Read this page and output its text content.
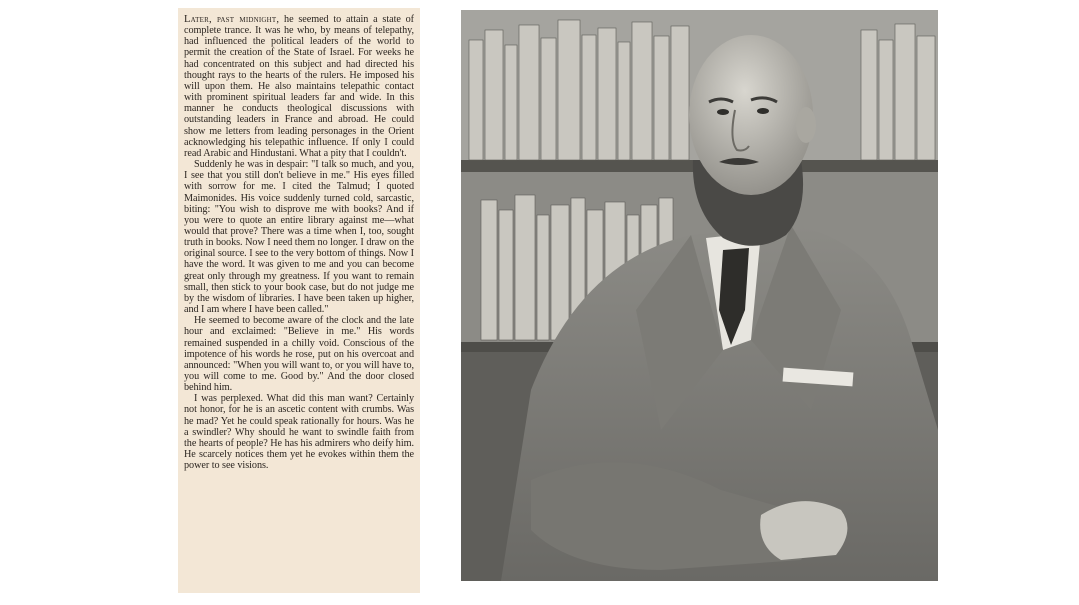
Later, past midnight, he seemed to attain a state of complete trance. It was he who, by means of telepathy, had influenced the political leaders of the world to permit the creation of the State of Israel. For weeks he had concentrated on this subject and had directed his thought rays to the hearts of the rulers. He imposed his will upon them. He also maintains telepathic contact with prominent spiritual leaders far and wide. In this manner he conducts theological discussions with outstanding leaders in France and abroad. He could show me letters from leading personages in the Orient acknowledging his telepathic influence. If only I could read Arabic and Hindustani. What a pity that I couldn't.

Suddenly he was in despair: "I talk so much, and you, I see that you still don't believe in me." His eyes filled with sorrow for me. I cited the Talmud; I quoted Maimonides. His voice suddenly turned cold, sarcastic, biting: "You wish to disprove me with books? And if you were to quote an entire library against me—what would that prove? There was a time when I, too, sought truth in books. Now I need them no longer. I draw on the original source. I see to the very bottom of things. Now I have the word. It was given to me and you can become great only through my greatness. If you want to remain small, then stick to your book case, but do not judge me by the wisdom of libraries. I have been taken up higher, and I am where I have been called."

He seemed to become aware of the clock and the late hour and exclaimed: "Believe in me." His words remained suspended in a chilly void. Conscious of the impotence of his words he rose, put on his overcoat and announced: "When you will want to, or you will have to, you will come to me. Good by." And the door closed behind him.

I was perplexed. What did this man want? Certainly not honor, for he is an ascetic content with crumbs. Was he mad? Yet he could speak rationally for hours. Was he a swindler? Why should he want to swindle faith from the hearts of people? He has his admirers who deify him. He scarcely notices them yet he evokes within them the power to see visions.
